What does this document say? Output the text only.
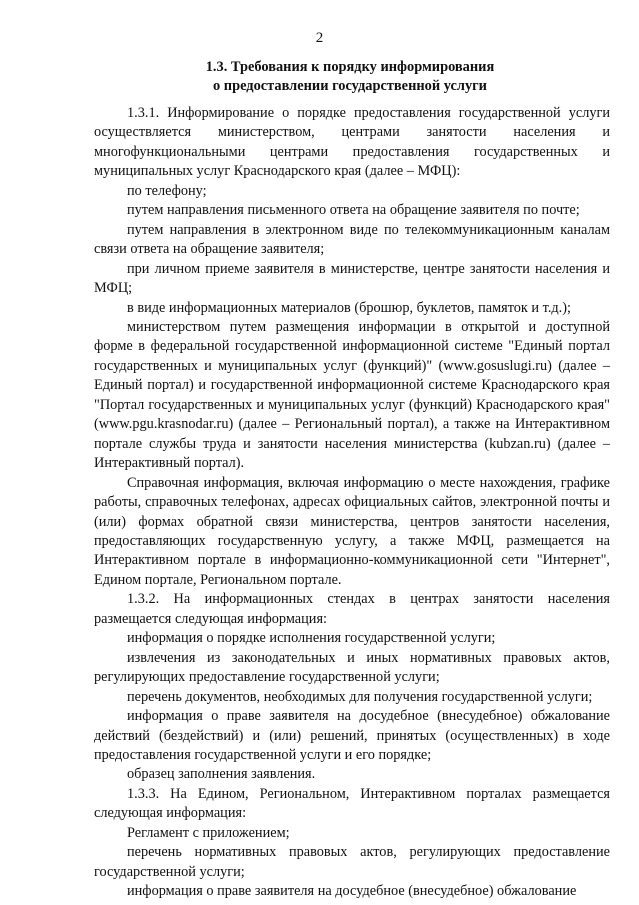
2
1.3. Требования к порядку информирования
о предоставлении государственной услуги

1.3.1. Информирование о порядке предоставления государственной услуги осуществляется министерством, центрами занятости населения и многофункциональными центрами предоставления государственных и муниципальных услуг Краснодарского края (далее – МФЦ):

по телефону;

путем направления письменного ответа на обращение заявителя по почте;

путем направления в электронном виде по телекоммуникационным каналам связи ответа на обращение заявителя;

при личном приеме заявителя в министерстве, центре занятости населения и МФЦ;

в виде информационных материалов (брошюр, буклетов, памяток и т.д.);

министерством путем размещения информации в открытой и доступной форме в федеральной государственной информационной системе "Единый портал государственных и муниципальных услуг (функций)" (www.gosuslugi.ru) (далее – Единый портал) и государственной информационной системе Краснодарского края "Портал государственных и муниципальных услуг (функций) Краснодарского края" (www.pgu.krasnodar.ru) (далее – Региональный портал), а также на Интерактивном портале службы труда и занятости населения министерства (kubzan.ru) (далее – Интерактивный портал).

Справочная информация, включая информацию о месте нахождения, графике работы, справочных телефонах, адресах официальных сайтов, электронной почты и (или) формах обратной связи министерства, центров занятости населения, предоставляющих государственную услугу, а также МФЦ, размещается на Интерактивном портале в информационно-коммуникационной сети "Интернет", Едином портале, Региональном портале.

1.3.2. На информационных стендах в центрах занятости населения размещается следующая информация:

информация о порядке исполнения государственной услуги;

извлечения из законодательных и иных нормативных правовых актов, регулирующих предоставление государственной услуги;

перечень документов, необходимых для получения государственной услуги;

информация о праве заявителя на досудебное (внесудебное) обжалование действий (бездействий) и (или) решений, принятых (осуществленных) в ходе предоставления государственной услуги и его порядке;

образец заполнения заявления.

1.3.3. На Едином, Региональном, Интерактивном порталах размещается следующая информация:

Регламент с приложением;

перечень нормативных правовых актов, регулирующих предоставление государственной услуги;

информация о праве заявителя на досудебное (внесудебное) обжалование
